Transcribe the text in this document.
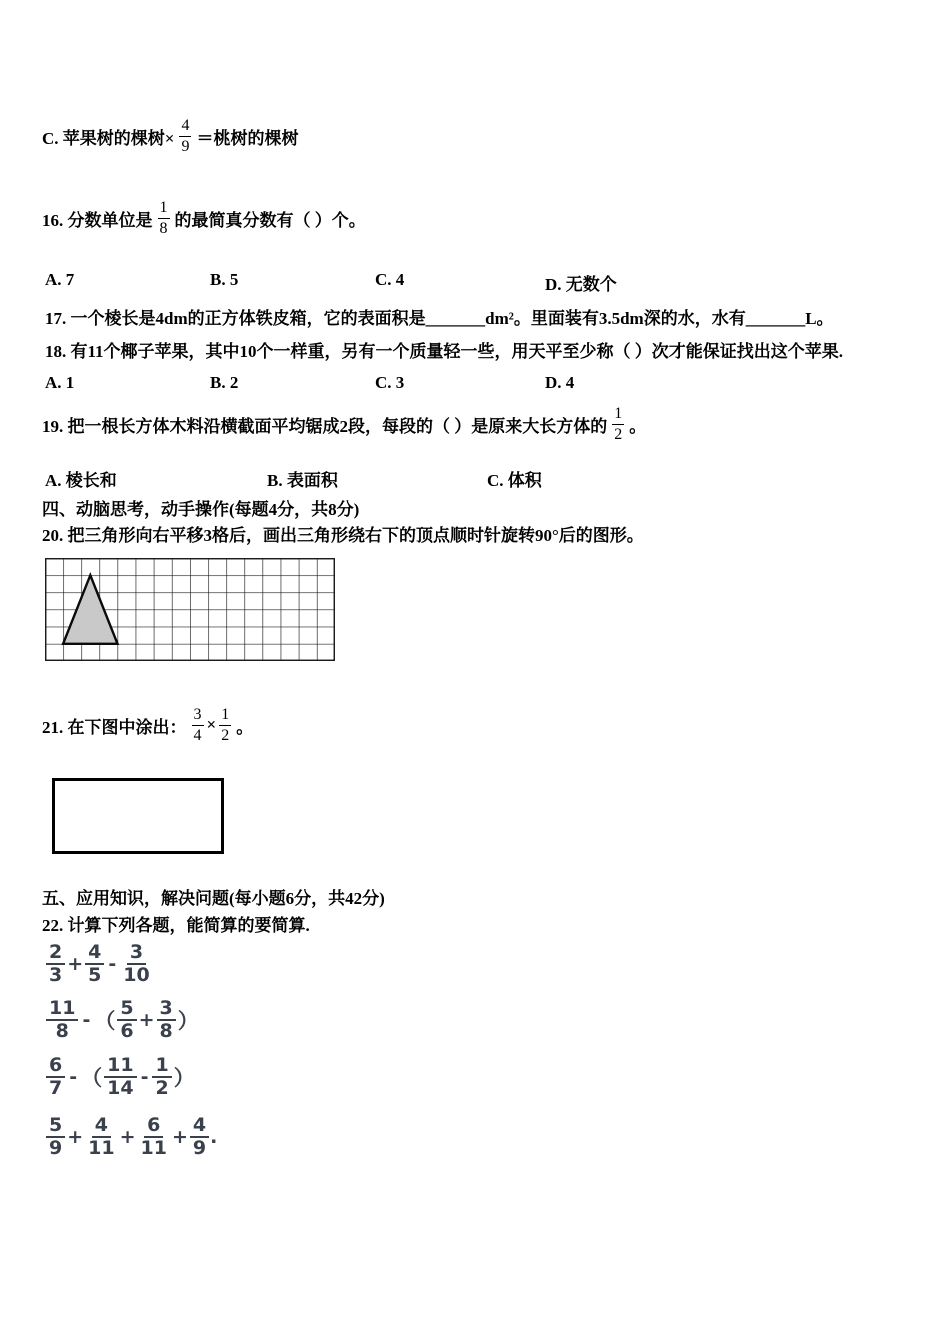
C. 苹果树的棵树× $\frac{4}{9}$ ＝桃树的棵树
16. 分数单位是 $\frac{1}{8}$ 的最简真分数有（ ）个。
A. 7	B. 5	C. 4	D. 无数个
17. 一个棱长是4dm的正方体铁皮箱，它的表面积是_______dm²。里面装有3.5dm深的水，水有_______L。
18. 有11个椰子苹果，其中10个一样重，另有一个质量轻一些，用天平至少称（ ）次才能保证找出这个苹果.
A. 1	B. 2	C. 3	D. 4
19. 把一根长方体木料沿横截面平均锯成2段，每段的（ ）是原来大长方体的 $\frac{1}{2}$ 。
A. 棱长和	B. 表面积	C. 体积
四、动脑思考，动手操作(每题4分，共8分)
20. 把三角形向右平移3格后，画出三角形绕右下的顶点顺时针旋转90°后的图形。
21. 在下图中涂出： $\frac{3}{4} \times \frac{1}{2}$ 。
五、应用知识，解决问题(每小题6分，共42分)
22. 计算下列各题，能简算的要简算.
$\frac{2}{3} + \frac{4}{5} - \frac{3}{10}$
$\frac{11}{8}$ - （ $\frac{5}{6} + \frac{3}{8}$ ）
$\frac{6}{7}$ - （ $\frac{11}{14} - \frac{1}{2}$ ）
$\frac{5}{9} + \frac{4}{11} + \frac{6}{11} + \frac{4}{9}$ .
